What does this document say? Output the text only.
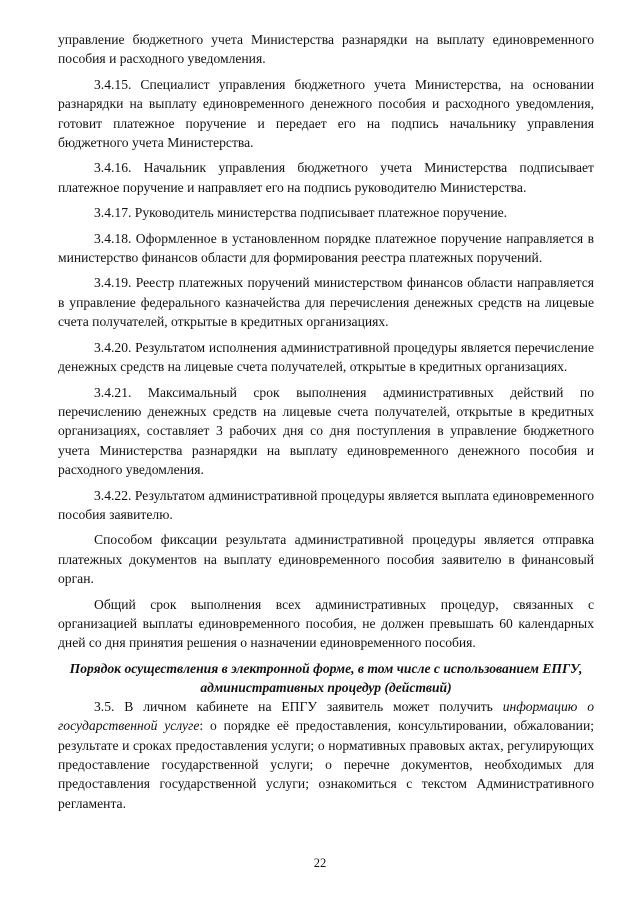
управление бюджетного учета Министерства разнарядки на выплату единовременного пособия и расходного уведомления.

3.4.15. Специалист управления бюджетного учета Министерства, на основании разнарядки на выплату единовременного денежного пособия и расходного уведомления, готовит платежное поручение и передает его на подпись начальнику управления бюджетного учета Министерства.

3.4.16. Начальник управления бюджетного учета Министерства подписывает платежное поручение и направляет его на подпись руководителю Министерства.

3.4.17. Руководитель министерства подписывает платежное поручение.

3.4.18. Оформленное в установленном порядке платежное поручение направляется в министерство финансов области для формирования реестра платежных поручений.

3.4.19. Реестр платежных поручений министерством финансов области направляется в управление федерального казначейства для перечисления денежных средств на лицевые счета получателей, открытые в кредитных организациях.

3.4.20. Результатом исполнения административной процедуры является перечисление денежных средств на лицевые счета получателей, открытые в кредитных организациях.

3.4.21. Максимальный срок выполнения административных действий по перечислению денежных средств на лицевые счета получателей, открытые в кредитных организациях, составляет 3 рабочих дня со дня поступления в управление бюджетного учета Министерства разнарядки на выплату единовременного денежного пособия и расходного уведомления.

3.4.22. Результатом административной процедуры является выплата единовременного пособия заявителю.

Способом фиксации результата административной процедуры является отправка платежных документов на выплату единовременного пособия заявителю в финансовый орган.

Общий срок выполнения всех административных процедур, связанных с организацией выплаты единовременного пособия, не должен превышать 60 календарных дней со дня принятия решения о назначении единовременного пособия.

Порядок осуществления в электронной форме, в том числе с использованием ЕПГУ, административных процедур (действий)

3.5. В личном кабинете на ЕПГУ заявитель может получить информацию о государственной услуге: о порядке её предоставления, консультировании, обжаловании; результате и сроках предоставления услуги; о нормативных правовых актах, регулирующих предоставление государственной услуги; о перечне документов, необходимых для предоставления государственной услуги; ознакомиться с текстом Административного регламента.

22
